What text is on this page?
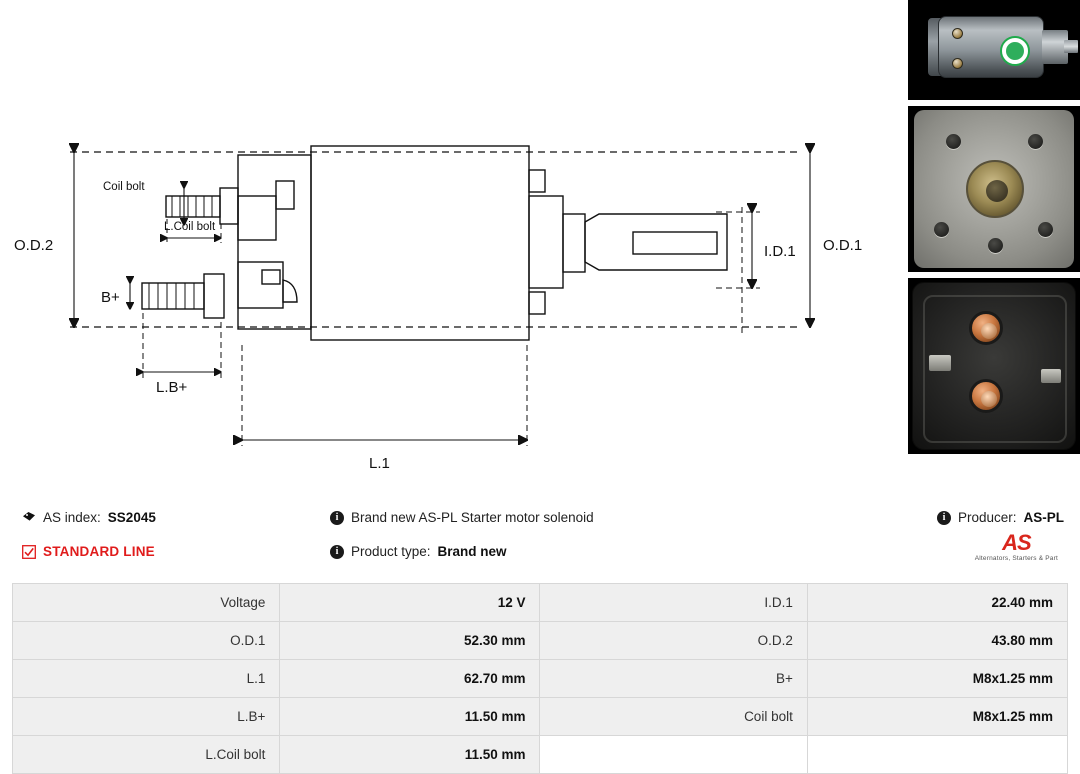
O.D.2	O.D.1
I.D.1
L.1
L.B+
B+
Coil bolt
L.Coil bolt
AS index: SS2045
STANDARD LINE
i Brand new AS-PL Starter motor solenoid
i Product type: Brand new
i Producer: AS-PL
AS
Alternators, Starters & Part
Voltage	12 V	I.D.1	22.40 mm
O.D.1	52.30 mm	O.D.2	43.80 mm
L.1	62.70 mm	B+	M8x1.25 mm
L.B+	11.50 mm	Coil bolt	M8x1.25 mm
L.Coil bolt	11.50 mm		
